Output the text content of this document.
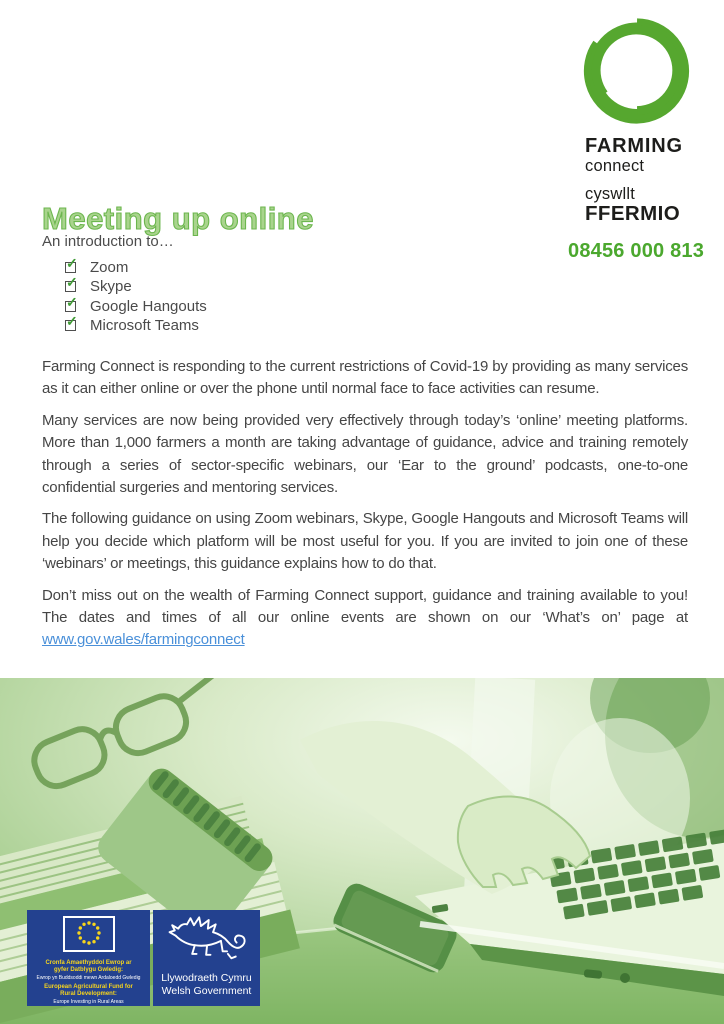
FARMING
connect
cyswllt
FFERMIO
08456 000 813
Meeting up online
An introduction to…
✓ Zoom
✓ Skype
✓ Google Hangouts
✓ Microsoft Teams

Farming Connect is responding to the current restrictions of Covid-19 by providing as many services as it can either online or over the phone until normal face to face activities can resume.

Many services are now being provided very effectively through today’s ‘online’ meeting platforms. More than 1,000 farmers a month are taking advantage of guidance, advice and training remotely through a series of sector-specific webinars, our ‘Ear to the ground’ podcasts, one-to-one confidential surgeries and mentoring services.

The following guidance on using Zoom webinars, Skype, Google Hangouts and Microsoft Teams will help you decide which platform will be most useful for you. If you are invited to join one of these ‘webinars’ or meetings, this guidance explains how to do that.

Don’t miss out on the wealth of Farming Connect support, guidance and training available to you! The dates and times of all our online events are shown on our ‘What’s on’ page at www.gov.wales/farmingconnect

Cronfa Amaethyddol Ewrop ar
gyfer Datblygu Gwledig:
Ewrop yn Buddsoddi mewn Ardaloedd Gwledig
European Agricultural Fund for
Rural Development:
Europe Investing in Rural Areas
Llywodraeth Cymru
Welsh Government
